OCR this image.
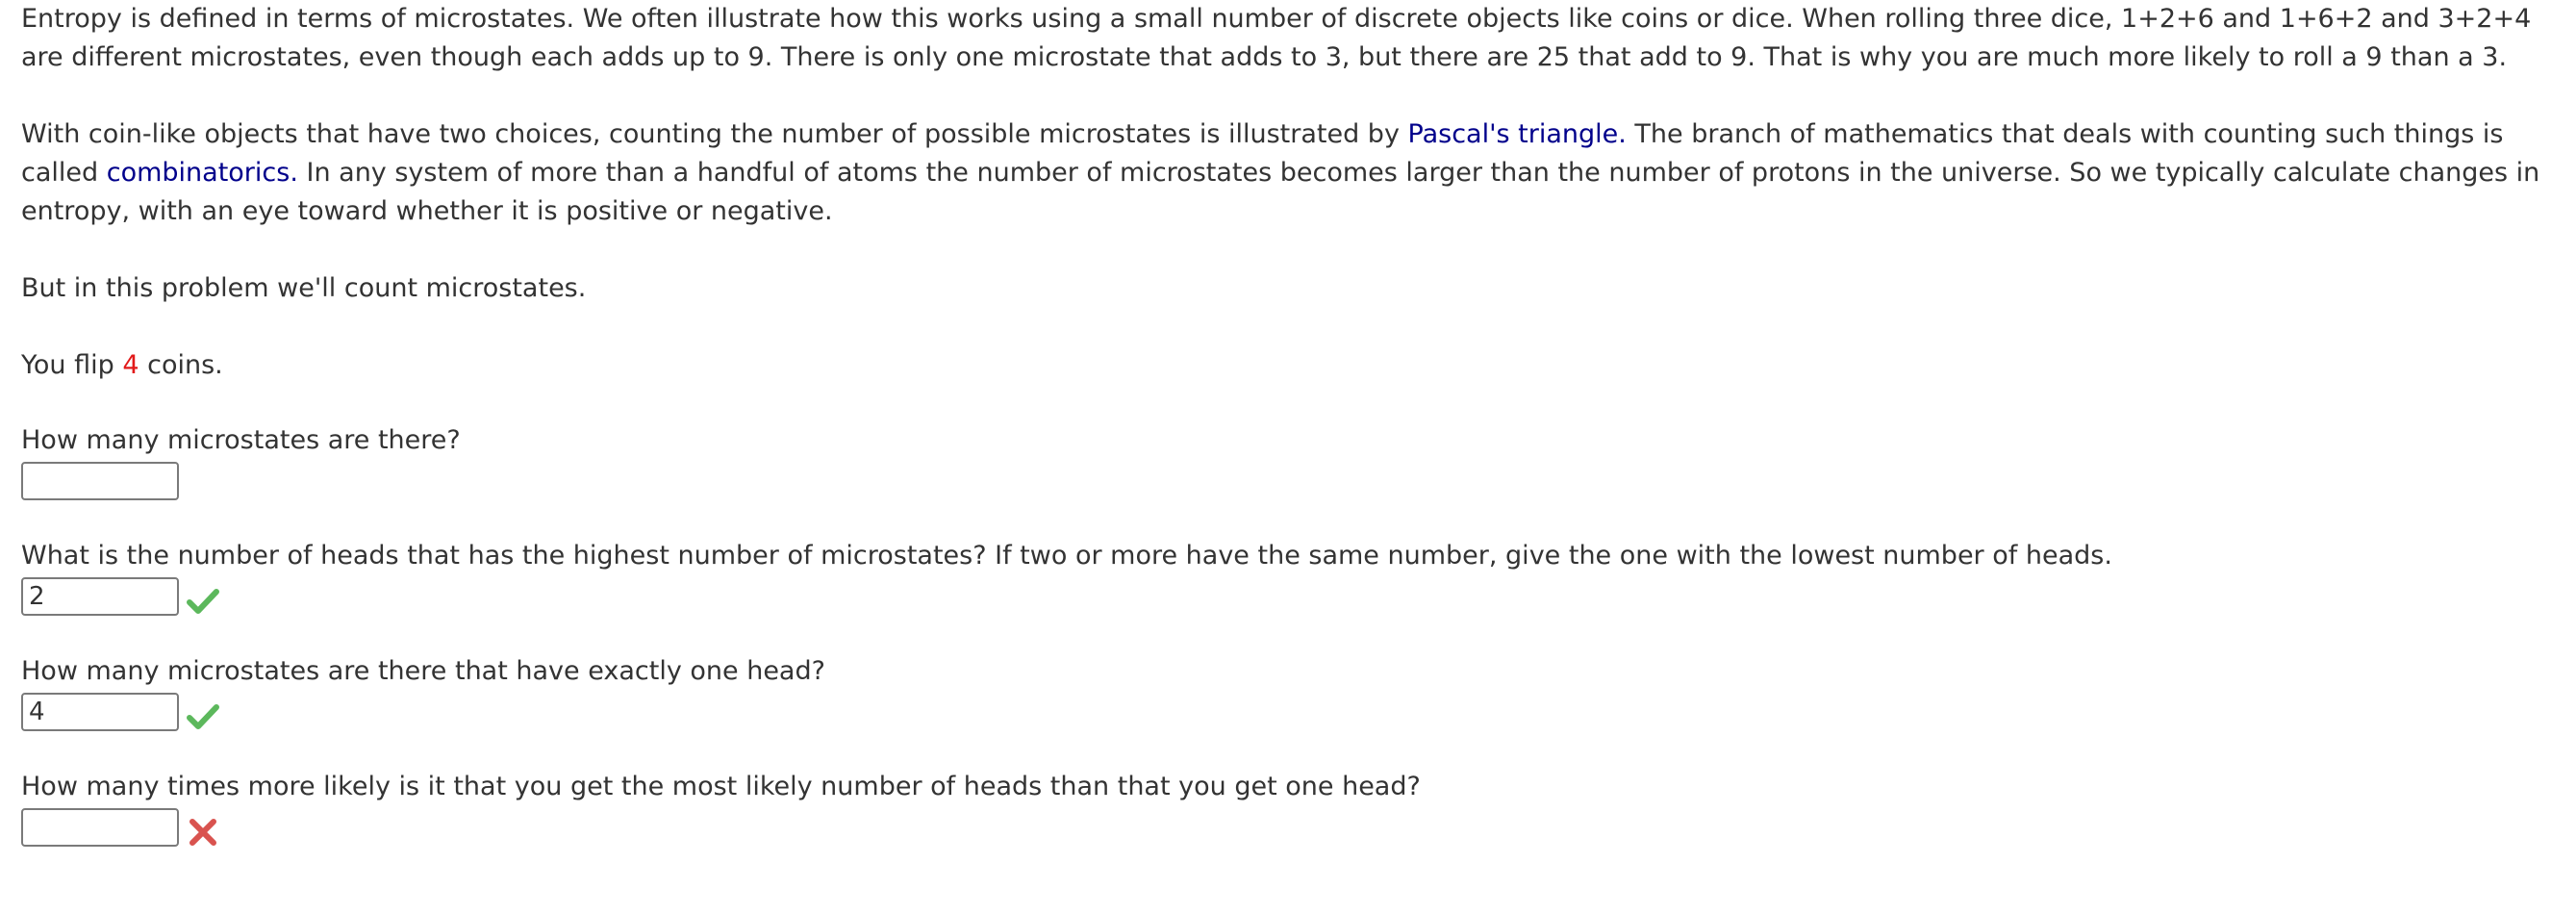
Entropy is defined in terms of microstates. We often illustrate how this works using a small number of discrete objects like coins or dice. When rolling three dice, 1+2+6 and 1+6+2 and 3+2+4 are different microstates, even though each adds up to 9. There is only one microstate that adds to 3, but there are 25 that add to 9. That is why you are much more likely to roll a 9 than a 3.

With coin-like objects that have two choices, counting the number of possible microstates is illustrated by Pascal's triangle. The branch of mathematics that deals with counting such things is called combinatorics. In any system of more than a handful of atoms the number of microstates becomes larger than the number of protons in the universe. So we typically calculate changes in entropy, with an eye toward whether it is positive or negative.

But in this problem we'll count microstates.

You flip 4 coins.

How many microstates are there?

What is the number of heads that has the highest number of microstates? If two or more have the same number, give the one with the lowest number of heads.

2

How many microstates are there that have exactly one head?

4

How many times more likely is it that you get the most likely number of heads than that you get one head?
